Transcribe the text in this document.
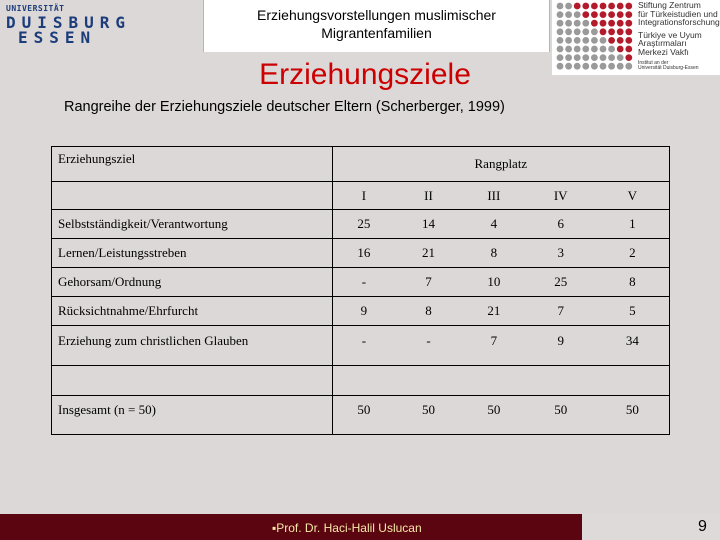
UNIVERSITÄT
DUISBURG
ESSEN
Erziehungsvorstellungen muslimischer
Migrantenfamilien
Stiftung Zentrum
für Türkeistudien und
Integrationsforschung
Türkiye ve Uyum
Araştırmaları
Merkezi Vakfı
Institut an der
Universität Duisburg-Essen
Erziehungsziele
Rangreihe der Erziehungsziele deutscher Eltern (Scherberger, 1999)
Erziehungsziel	Rangplatz				
	I	II	III	IV	V
Selbstständigkeit/Verantwortung	25	14	4	6	1
Lernen/Leistungsstreben	16	21	8	3	2
Gehorsam/Ordnung	-	7	10	25	8
Rücksichtnahme/Ehrfurcht	9	8	21	7	5
Erziehung zum christlichen Glauben	-	-	7	9	34

Insgesamt (n = 50)	50	50	50	50	50
▪Prof. Dr. Haci-Halil Uslucan	9
